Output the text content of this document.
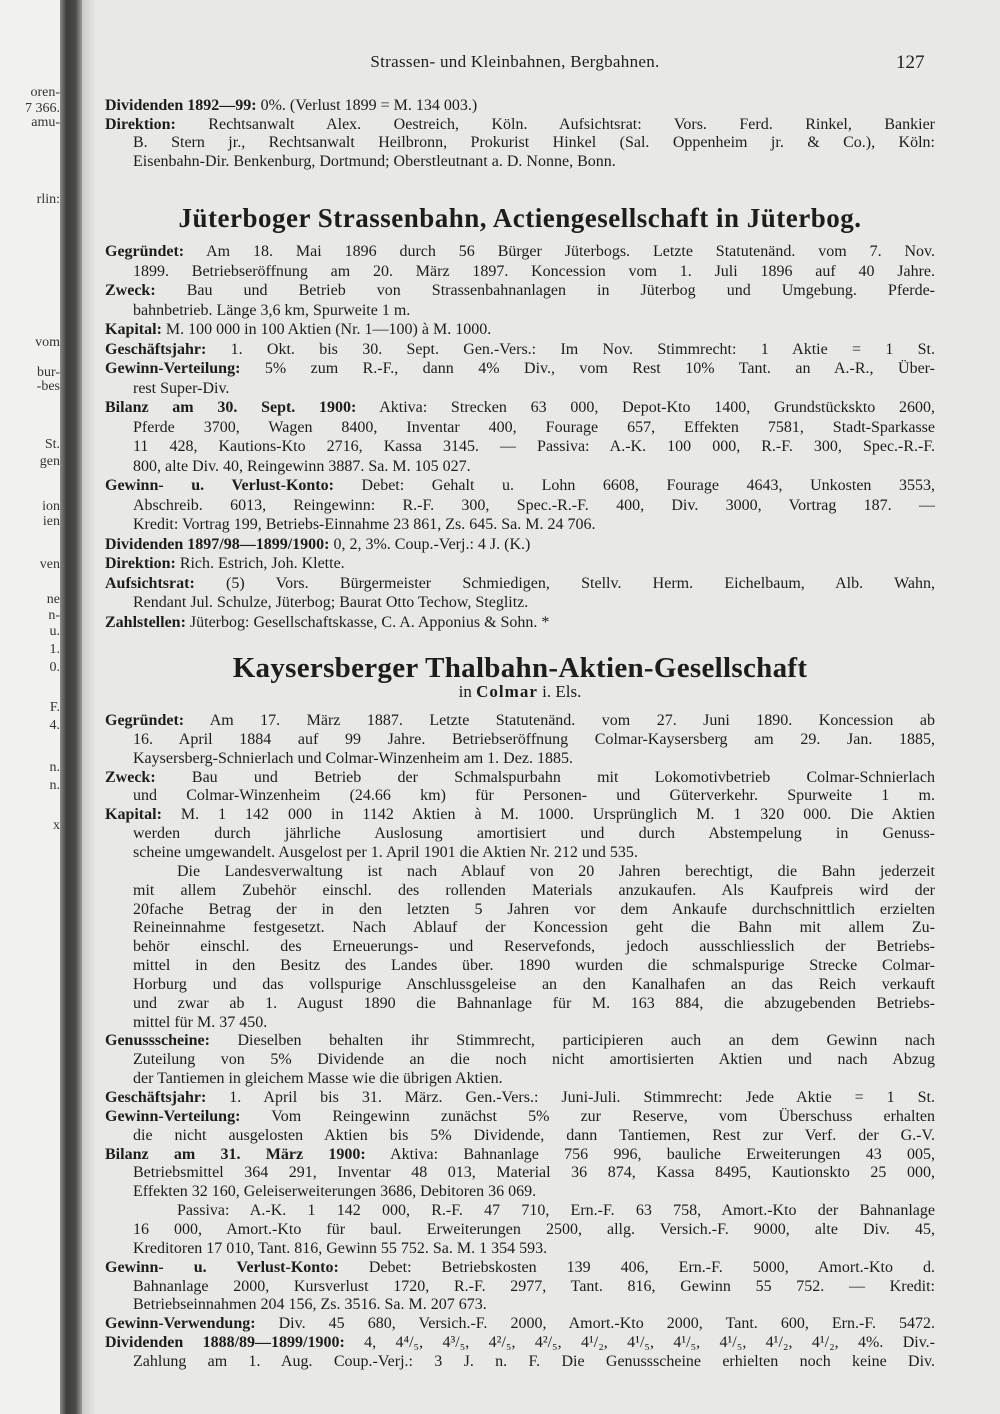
oren-
7 366.
amu-
rlin:
vom
bur-
-bes
St.
gen
ion
ien
ven
ne
n-
u.
1.
0.
F.
4.
n.
n.
x
Strassen- und Kleinbahnen, Bergbahnen.	127
Dividenden 1892—99: 0%. (Verlust 1899 = M. 134 003.)
Direktion: Rechtsanwalt Alex. Oestreich, Köln. Aufsichtsrat: Vors. Ferd. Rinkel, Bankier
B. Stern jr., Rechtsanwalt Heilbronn, Prokurist Hinkel (Sal. Oppenheim jr. & Co.), Köln:
Eisenbahn-Dir. Benkenburg, Dortmund; Oberstleutnant a. D. Nonne, Bonn.
Jüterboger Strassenbahn, Actiengesellschaft in Jüterbog.
Gegründet: Am 18. Mai 1896 durch 56 Bürger Jüterbogs. Letzte Statutenänd. vom 7. Nov.
1899. Betriebseröffnung am 20. März 1897. Koncession vom 1. Juli 1896 auf 40 Jahre.
Zweck: Bau und Betrieb von Strassenbahnanlagen in Jüterbog und Umgebung. Pferde-
bahnbetrieb. Länge 3,6 km, Spurweite 1 m.
Kapital: M. 100 000 in 100 Aktien (Nr. 1—100) à M. 1000.
Geschäftsjahr: 1. Okt. bis 30. Sept. Gen.-Vers.: Im Nov. Stimmrecht: 1 Aktie = 1 St.
Gewinn-Verteilung: 5% zum R.-F., dann 4% Div., vom Rest 10% Tant. an A.-R., Über-
rest Super-Div.
Bilanz am 30. Sept. 1900: Aktiva: Strecken 63 000, Depot-Kto 1400, Grundstückskto 2600,
Pferde 3700, Wagen 8400, Inventar 400, Fourage 657, Effekten 7581, Stadt-Sparkasse
11 428, Kautions-Kto 2716, Kassa 3145. — Passiva: A.-K. 100 000, R.-F. 300, Spec.-R.-F.
800, alte Div. 40, Reingewinn 3887. Sa. M. 105 027.
Gewinn- u. Verlust-Konto: Debet: Gehalt u. Lohn 6608, Fourage 4643, Unkosten 3553,
Abschreib. 6013, Reingewinn: R.-F. 300, Spec.-R.-F. 400, Div. 3000, Vortrag 187. —
Kredit: Vortrag 199, Betriebs-Einnahme 23 861, Zs. 645. Sa. M. 24 706.
Dividenden 1897/98—1899/1900: 0, 2, 3%. Coup.-Verj.: 4 J. (K.)
Direktion: Rich. Estrich, Joh. Klette.
Aufsichtsrat: (5) Vors. Bürgermeister Schmiedigen, Stellv. Herm. Eichelbaum, Alb. Wahn,
Rendant Jul. Schulze, Jüterbog; Baurat Otto Techow, Steglitz.
Zahlstellen: Jüterbog: Gesellschaftskasse, C. A. Apponius & Sohn. *
Kaysersberger Thalbahn-Aktien-Gesellschaft
in Colmar i. Els.
Gegründet: Am 17. März 1887. Letzte Statutenänd. vom 27. Juni 1890. Koncession ab
16. April 1884 auf 99 Jahre. Betriebseröffnung Colmar-Kaysersberg am 29. Jan. 1885,
Kaysersberg-Schnierlach und Colmar-Winzenheim am 1. Dez. 1885.
Zweck: Bau und Betrieb der Schmalspurbahn mit Lokomotivbetrieb Colmar-Schnierlach
und Colmar-Winzenheim (24.66 km) für Personen- und Güterverkehr. Spurweite 1 m.
Kapital: M. 1 142 000 in 1142 Aktien à M. 1000. Ursprünglich M. 1 320 000. Die Aktien
werden durch jährliche Auslosung amortisiert und durch Abstempelung in Genuss-
scheine umgewandelt. Ausgelost per 1. April 1901 die Aktien Nr. 212 und 535.
Die Landesverwaltung ist nach Ablauf von 20 Jahren berechtigt, die Bahn jederzeit
mit allem Zubehör einschl. des rollenden Materials anzukaufen. Als Kaufpreis wird der
20fache Betrag der in den letzten 5 Jahren vor dem Ankaufe durchschnittlich erzielten
Reineinnahme festgesetzt. Nach Ablauf der Koncession geht die Bahn mit allem Zu-
behör einschl. des Erneuerungs- und Reservefonds, jedoch ausschliesslich der Betriebs-
mittel in den Besitz des Landes über. 1890 wurden die schmalspurige Strecke Colmar-
Horburg und das vollspurige Anschlussgeleise an den Kanalhafen an das Reich verkauft
und zwar ab 1. August 1890 die Bahnanlage für M. 163 884, die abzugebenden Betriebs-
mittel für M. 37 450.
Genussscheine: Dieselben behalten ihr Stimmrecht, participieren auch an dem Gewinn nach
Zuteilung von 5% Dividende an die noch nicht amortisierten Aktien und nach Abzug
der Tantiemen in gleichem Masse wie die übrigen Aktien.
Geschäftsjahr: 1. April bis 31. März. Gen.-Vers.: Juni-Juli. Stimmrecht: Jede Aktie = 1 St.
Gewinn-Verteilung: Vom Reingewinn zunächst 5% zur Reserve, vom Überschuss erhalten
die nicht ausgelosten Aktien bis 5% Dividende, dann Tantiemen, Rest zur Verf. der G.-V.
Bilanz am 31. März 1900: Aktiva: Bahnanlage 756 996, bauliche Erweiterungen 43 005,
Betriebsmittel 364 291, Inventar 48 013, Material 36 874, Kassa 8495, Kautionskto 25 000,
Effekten 32 160, Geleiserweiterungen 3686, Debitoren 36 069.
Passiva: A.-K. 1 142 000, R.-F. 47 710, Ern.-F. 63 758, Amort.-Kto der Bahnanlage
16 000, Amort.-Kto für baul. Erweiterungen 2500, allg. Versich.-F. 9000, alte Div. 45,
Kreditoren 17 010, Tant. 816, Gewinn 55 752. Sa. M. 1 354 593.
Gewinn- u. Verlust-Konto: Debet: Betriebskosten 139 406, Ern.-F. 5000, Amort.-Kto d.
Bahnanlage 2000, Kursverlust 1720, R.-F. 2977, Tant. 816, Gewinn 55 752. — Kredit:
Betriebseinnahmen 204 156, Zs. 3516. Sa. M. 207 673.
Gewinn-Verwendung: Div. 45 680, Versich.-F. 2000, Amort.-Kto 2000, Tant. 600, Ern.-F. 5472.
Dividenden 1888/89—1899/1900: 4, 4⁴/₅, 4³/₅, 4²/₅, 4²/₅, 4¹/₂, 4¹/₅, 4¹/₅, 4¹/₅, 4¹/₂, 4¹/₂, 4%. Div.-
Zahlung am 1. Aug. Coup.-Verj.: 3 J. n. F. Die Genussscheine erhielten noch keine Div.
